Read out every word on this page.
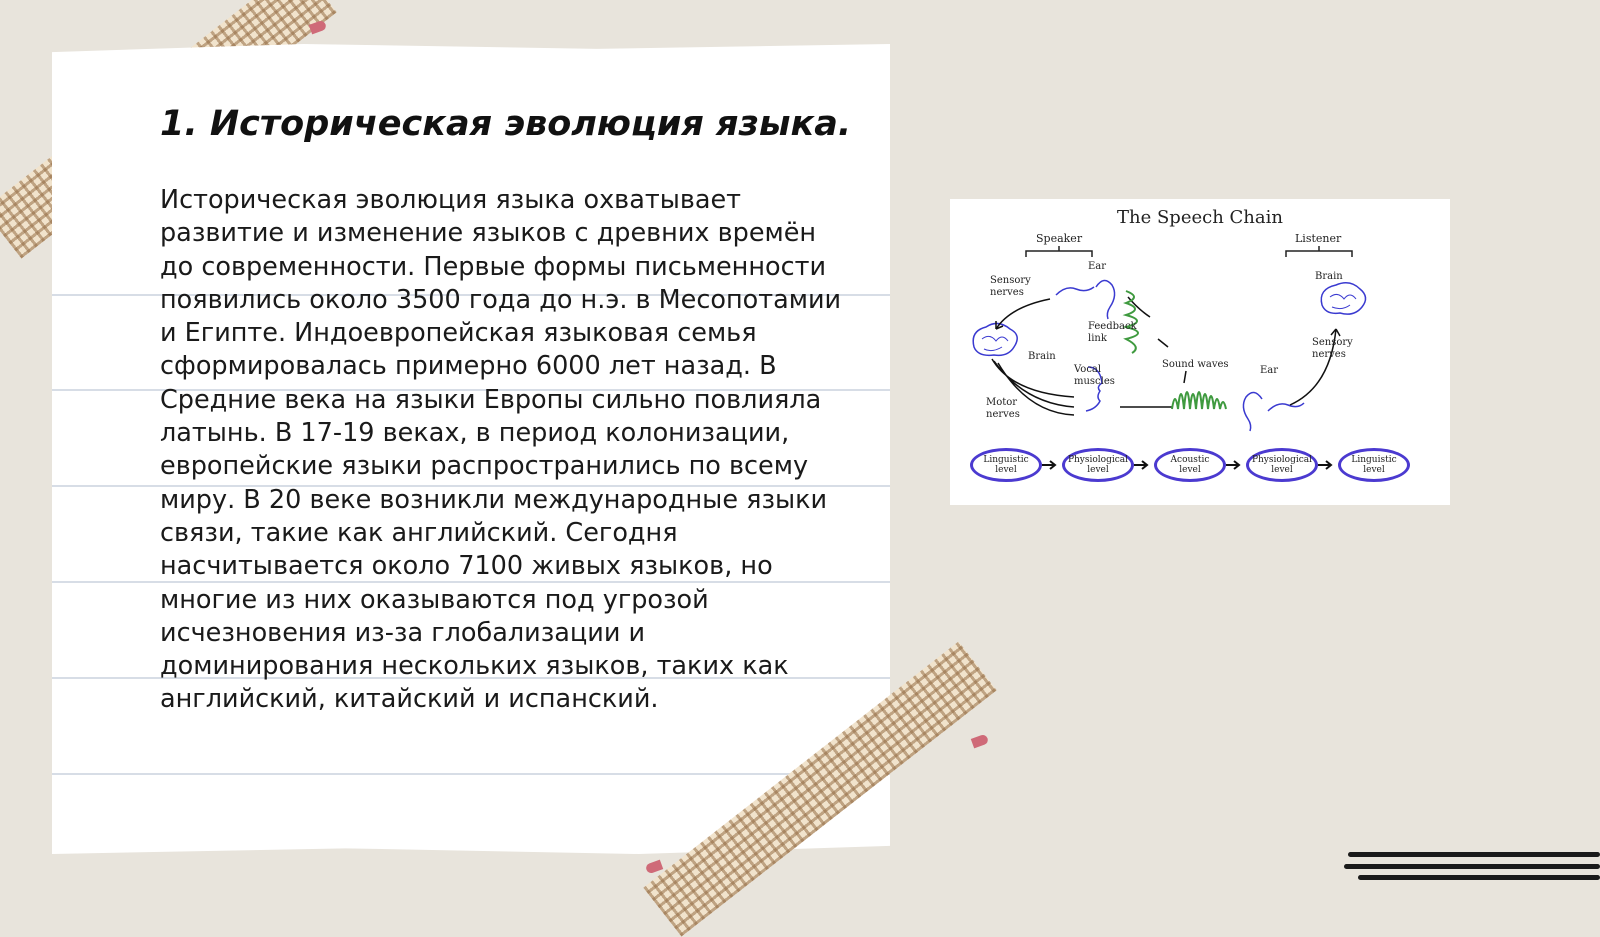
1. Историческая эволюция языка.

Историческая эволюция языка охватывает развитие и изменение языков с древних времён до современности. Первые формы письменности появились около 3500 года до н.э. в Месопотамии и Египте. Индоевропейская языковая семья сформировалась примерно 6000 лет назад. В Средние века на языки Европы сильно повлияла латынь. В 17-19 веках, в период колонизации, европейские языки распространились по всему миру. В 20 веке возникли международные языки связи, такие как английский. Сегодня насчитывается около 7100 живых языков, но многие из них оказываются под угрозой исчезновения из-за глобализации и доминирования нескольких языков, таких как английский, китайский и испанский.

The Speech Chain
Speaker	Listener
Ear
Sensory
nerves
Feedback
link
Brain
Vocal
muscles
Sound waves
Motor
nerves
Brain
Sensory
nerves
Ear
Linguistic
level
Physiological
level
Acoustic
level
Physiological
level
Linguistic
level
